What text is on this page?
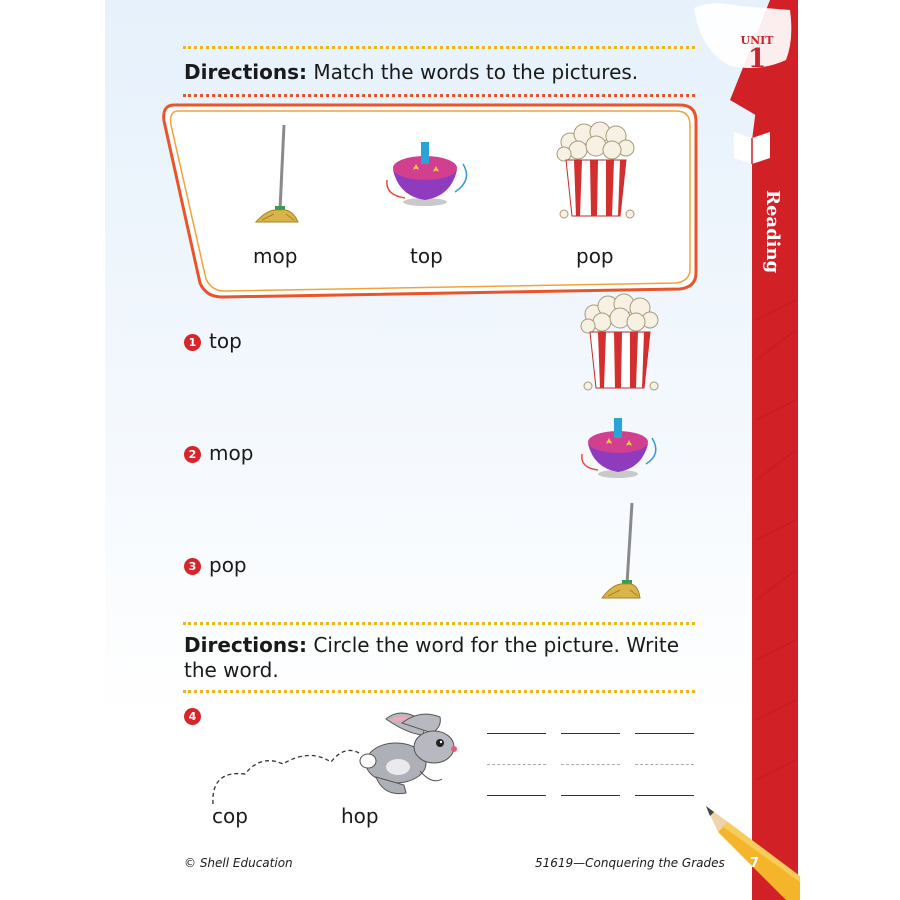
Directions: Match the words to the pictures.
mop	top	pop
1 top
2 mop
3 pop
Directions: Circle the word for the picture. Write
the word.
4
cop	hop
UNIT
1
Reading
© Shell Education	51619—Conquering the Grades 7
